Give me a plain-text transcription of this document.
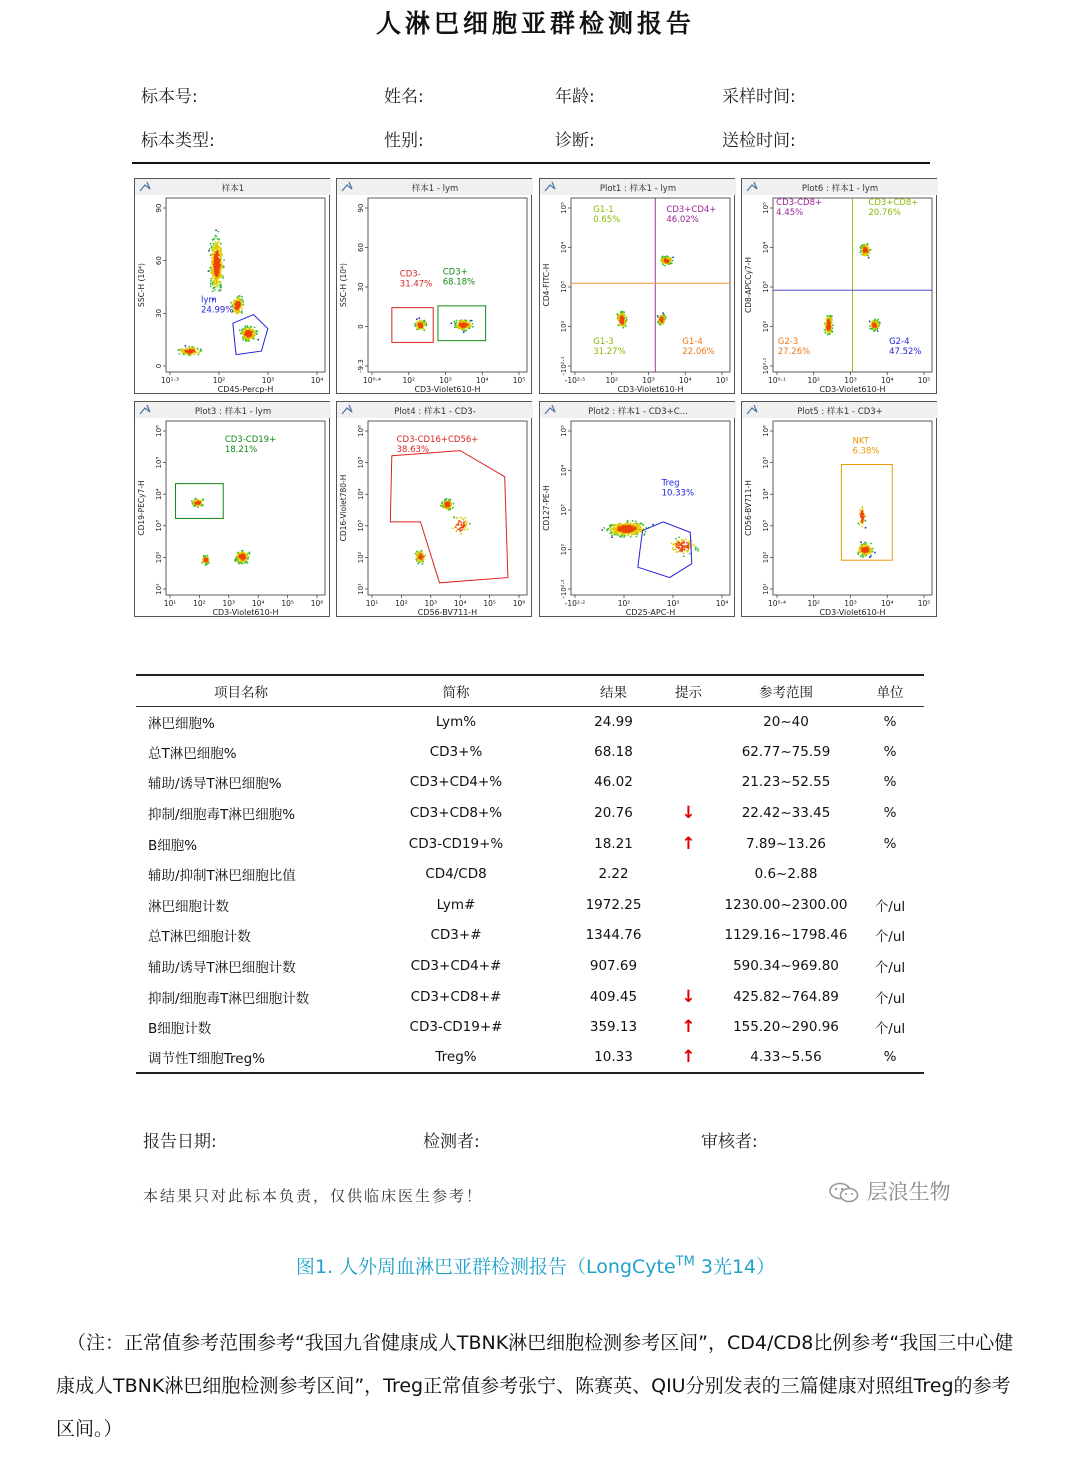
人淋巴细胞亚群检测报告
标本号:	姓名:	年龄:	采样时间:
标本类型:	性别:	诊断:	送检时间:
样本1
lym
24.99%
10¹·³	10²	10³	10⁴
90
60
30
0
CD45-Percp-H
SSC-H (10⁴)
样本1 - lym
CD3-
31.47%
CD3+
68.18%
10⁰·⁴	10²	10³	10⁴	10⁵
90
60
30
0
-9.3
CD3-Violet610-H
SSC-H (10⁴)
Plot1 : 样本1 - lym
G1-1
0.65%
CD3+CD4+
46.02%
G1-3
31.27%
G1-4
22.06%
-10²·⁵	10²	10³	10⁴	10⁵
10⁵
10⁴
10³
10²
-10²·¹
CD3-Violet610-H
CD4-FITC-H
Plot6 : 样本1 - lym
CD3-CD8+
4.45%
CD3+CD8+
20.76%
G2-3
27.26%
G2-4
47.52%
10⁰·¹	10²	10³	10⁴	10⁵
10⁵
10⁴
10³
10²
10²·¹
CD3-Violet610-H
CD8-APCCy7-H
Plot3 : 样本1 - lym
CD3-CD19+
18.21%
10¹ 10² 10³ 10⁴ 10⁵ 10⁶
10⁶
10⁵
10⁴
10³
10²
10¹
CD3-Violet610-H
CD19-PECy7-H
Plot4 : 样本1 - CD3-
CD3-CD16+CD56+
38.63%
10¹ 10² 10³ 10⁴ 10⁵ 10⁶
10⁶
10⁵
10⁴
10³
10²
10¹
CD56-BV711-H
CD16-Violet780-H
Plot2 : 样本1 - CD3+C...
Treg
10.33%
-10²·²	10²	10³	10⁴
10⁵
10⁴
10³
10²
-10²·²
CD25-APC-H
CD127-PE-H
Plot5 : 样本1 - CD3+
NKT
6.38%
10⁰·⁴	10²	10³	10⁴	10⁵
10⁶
10⁵
10⁴
10³
10²
10¹
CD3-Violet610-H
CD56-BV711-H
项目名称	简称	结果	提示	参考范围	单位
淋巴细胞%	Lym%	24.99		20~40	%
总T淋巴细胞%	CD3+%	68.18		62.77~75.59	%
辅助/诱导T淋巴细胞%	CD3+CD4+%	46.02		21.23~52.55	%
抑制/细胞毒T淋巴细胞%	CD3+CD8+%	20.76	↓	22.42~33.45	%
B细胞%	CD3-CD19+%	18.21	↑	7.89~13.26	%
辅助/抑制T淋巴细胞比值	CD4/CD8	2.22		0.6~2.88	
淋巴细胞计数	Lym#	1972.25		1230.00~2300.00	个/ul
总T淋巴细胞计数	CD3+#	1344.76		1129.16~1798.46	个/ul
辅助/诱导T淋巴细胞计数	CD3+CD4+#	907.69		590.34~969.80	个/ul
抑制/细胞毒T淋巴细胞计数	CD3+CD8+#	409.45	↓	425.82~764.89	个/ul
B细胞计数	CD3-CD19+#	359.13	↑	155.20~290.96	个/ul
调节性T细胞Treg%	Treg%	10.33	↑	4.33~5.56	%
报告日期:	检测者:	审核者:
本结果只对此标本负责，仅供临床医生参考！	层浪生物
图1. 人外周血淋巴亚群检测报告（LongCyte™ 3光14）
（注：正常值参考范围参考“我国九省健康成人TBNK淋巴细胞检测参考区间”，CD4/CD8比例参考“我国三中心健康成人TBNK淋巴细胞检测参考区间”，Treg正常值参考张宁、陈赛英、QIU分别发表的三篇健康对照组Treg的参考区间。）
